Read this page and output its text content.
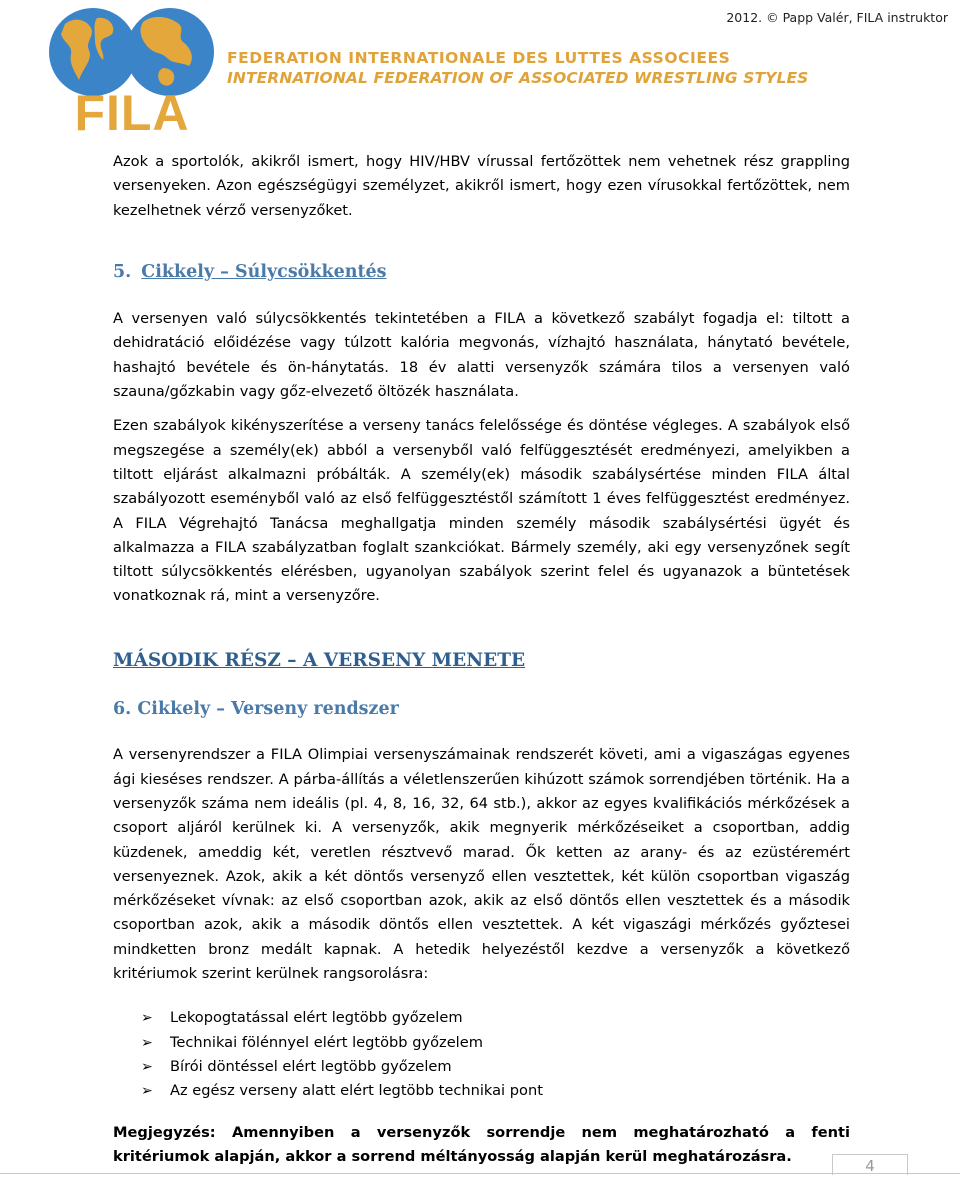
2012. © Papp Valér, FILA instruktor
FILA
FEDERATION INTERNATIONALE DES LUTTES ASSOCIEES
INTERNATIONAL FEDERATION OF ASSOCIATED WRESTLING STYLES

Azok a sportolók, akikről ismert, hogy HIV/HBV vírussal fertőzöttek nem vehetnek rész grappling versenyeken. Azon egészségügyi személyzet, akikről ismert, hogy ezen vírusokkal fertőzöttek, nem kezelhetnek vérző versenyzőket.

5. Cikkely – Súlycsökkentés

A versenyen való súlycsökkentés tekintetében a FILA a következő szabályt fogadja el: tiltott a dehidratáció előidézése vagy túlzott kalória megvonás, vízhajtó használata, hánytató bevétele, hashajtó bevétele és ön-hánytatás. 18 év alatti versenyzők számára tilos a versenyen való szauna/gőzkabin vagy gőz-elvezető öltözék használata.

Ezen szabályok kikényszerítése a verseny tanács felelőssége és döntése végleges. A szabályok első megszegése a személy(ek) abból a versenyből való felfüggesztését eredményezi, amelyikben a tiltott eljárást alkalmazni próbálták. A személy(ek) második szabálysértése minden FILA által szabályozott eseményből való az első felfüggesztéstől számított 1 éves felfüggesztést eredményez. A FILA Végrehajtó Tanácsa meghallgatja minden személy második szabálysértési ügyét és alkalmazza a FILA szabályzatban foglalt szankciókat. Bármely személy, aki egy versenyzőnek segít tiltott súlycsökkentés elérésben, ugyanolyan szabályok szerint felel és ugyanazok a büntetések vonatkoznak rá, mint a versenyzőre.

MÁSODIK RÉSZ – A VERSENY MENETE
6. Cikkely – Verseny rendszer

A versenyrendszer a FILA Olimpiai versenyszámainak rendszerét követi, ami a vigaszágas egyenes ági kieséses rendszer. A párba-állítás a véletlenszerűen kihúzott számok sorrendjében történik. Ha a versenyzők száma nem ideális (pl. 4, 8, 16, 32, 64 stb.), akkor az egyes kvalifikációs mérkőzések a csoport aljáról kerülnek ki. A versenyzők, akik megnyerik mérkőzéseiket a csoportban, addig küzdenek, ameddig két, veretlen résztvevő marad. Ők ketten az arany- és az ezüstéremért versenyeznek. Azok, akik a két döntős versenyző ellen vesztettek, két külön csoportban vigaszág mérkőzéseket vívnak: az első csoportban azok, akik az első döntős ellen vesztettek és a második csoportban azok, akik a második döntős ellen vesztettek. A két vigaszági mérkőzés győztesei mindketten bronz medált kapnak. A hetedik helyezéstől kezdve a versenyzők a következő kritériumok szerint kerülnek rangsorolásra:

➢ Lekopogtatással elért legtöbb győzelem
➢ Technikai fölénnyel elért legtöbb győzelem
➢ Bírói döntéssel elért legtöbb győzelem
➢ Az egész verseny alatt elért legtöbb technikai pont

Megjegyzés: Amennyiben a versenyzők sorrendje nem meghatározható a fenti kritériumok alapján, akkor a sorrend méltányosság alapján kerül meghatározásra.

4
